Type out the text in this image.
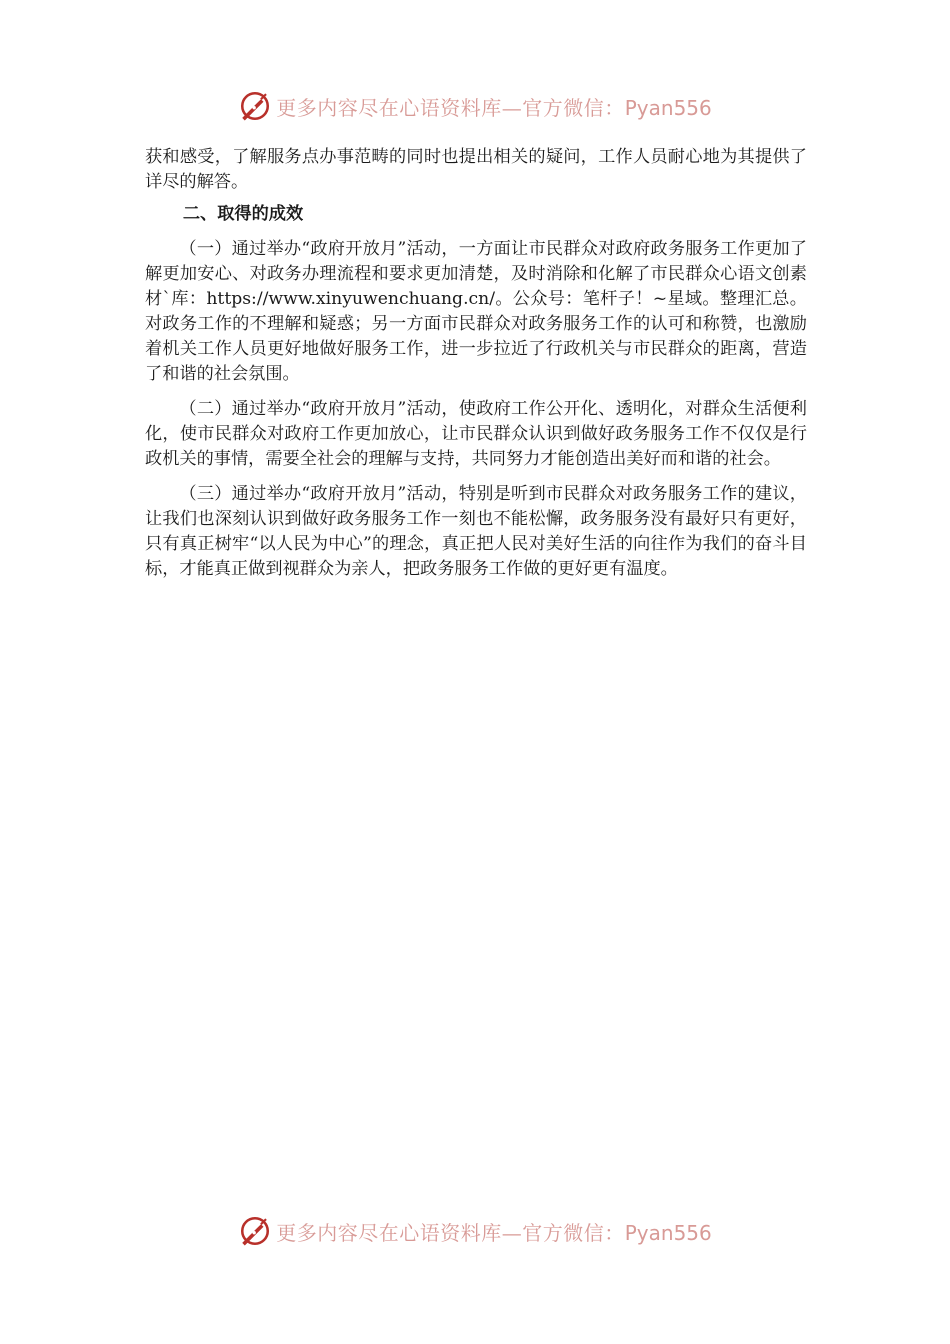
更多内容尽在心语资料库—官方微信：Pyan556

获和感受，了解服务点办事范畴的同时也提出相关的疑问，工作人员耐心地为其提供了详尽的解答。

二、取得的成效

（一）通过举办“政府开放月”活动，一方面让市民群众对政府政务服务工作更加了解更加安心、对政务办理流程和要求更加清楚，及时消除和化解了市民群众心语文创素材`库：https://www.xinyuwenchuang.cn/。公众号：笔杆子！~星域。整理汇总。对政务工作的不理解和疑惑；另一方面市民群众对政务服务工作的认可和称赞，也激励着机关工作人员更好地做好服务工作，进一步拉近了行政机关与市民群众的距离，营造了和谐的社会氛围。

（二）通过举办“政府开放月”活动，使政府工作公开化、透明化，对群众生活便利化，使市民群众对政府工作更加放心，让市民群众认识到做好政务服务工作不仅仅是行政机关的事情，需要全社会的理解与支持，共同努力才能创造出美好而和谐的社会。

（三）通过举办“政府开放月”活动，特别是听到市民群众对政务服务工作的建议，让我们也深刻认识到做好政务服务工作一刻也不能松懈，政务服务没有最好只有更好，只有真正树牢“以人民为中心”的理念，真正把人民对美好生活的向往作为我们的奋斗目标，才能真正做到视群众为亲人，把政务服务工作做的更好更有温度。

更多内容尽在心语资料库—官方微信：Pyan556
